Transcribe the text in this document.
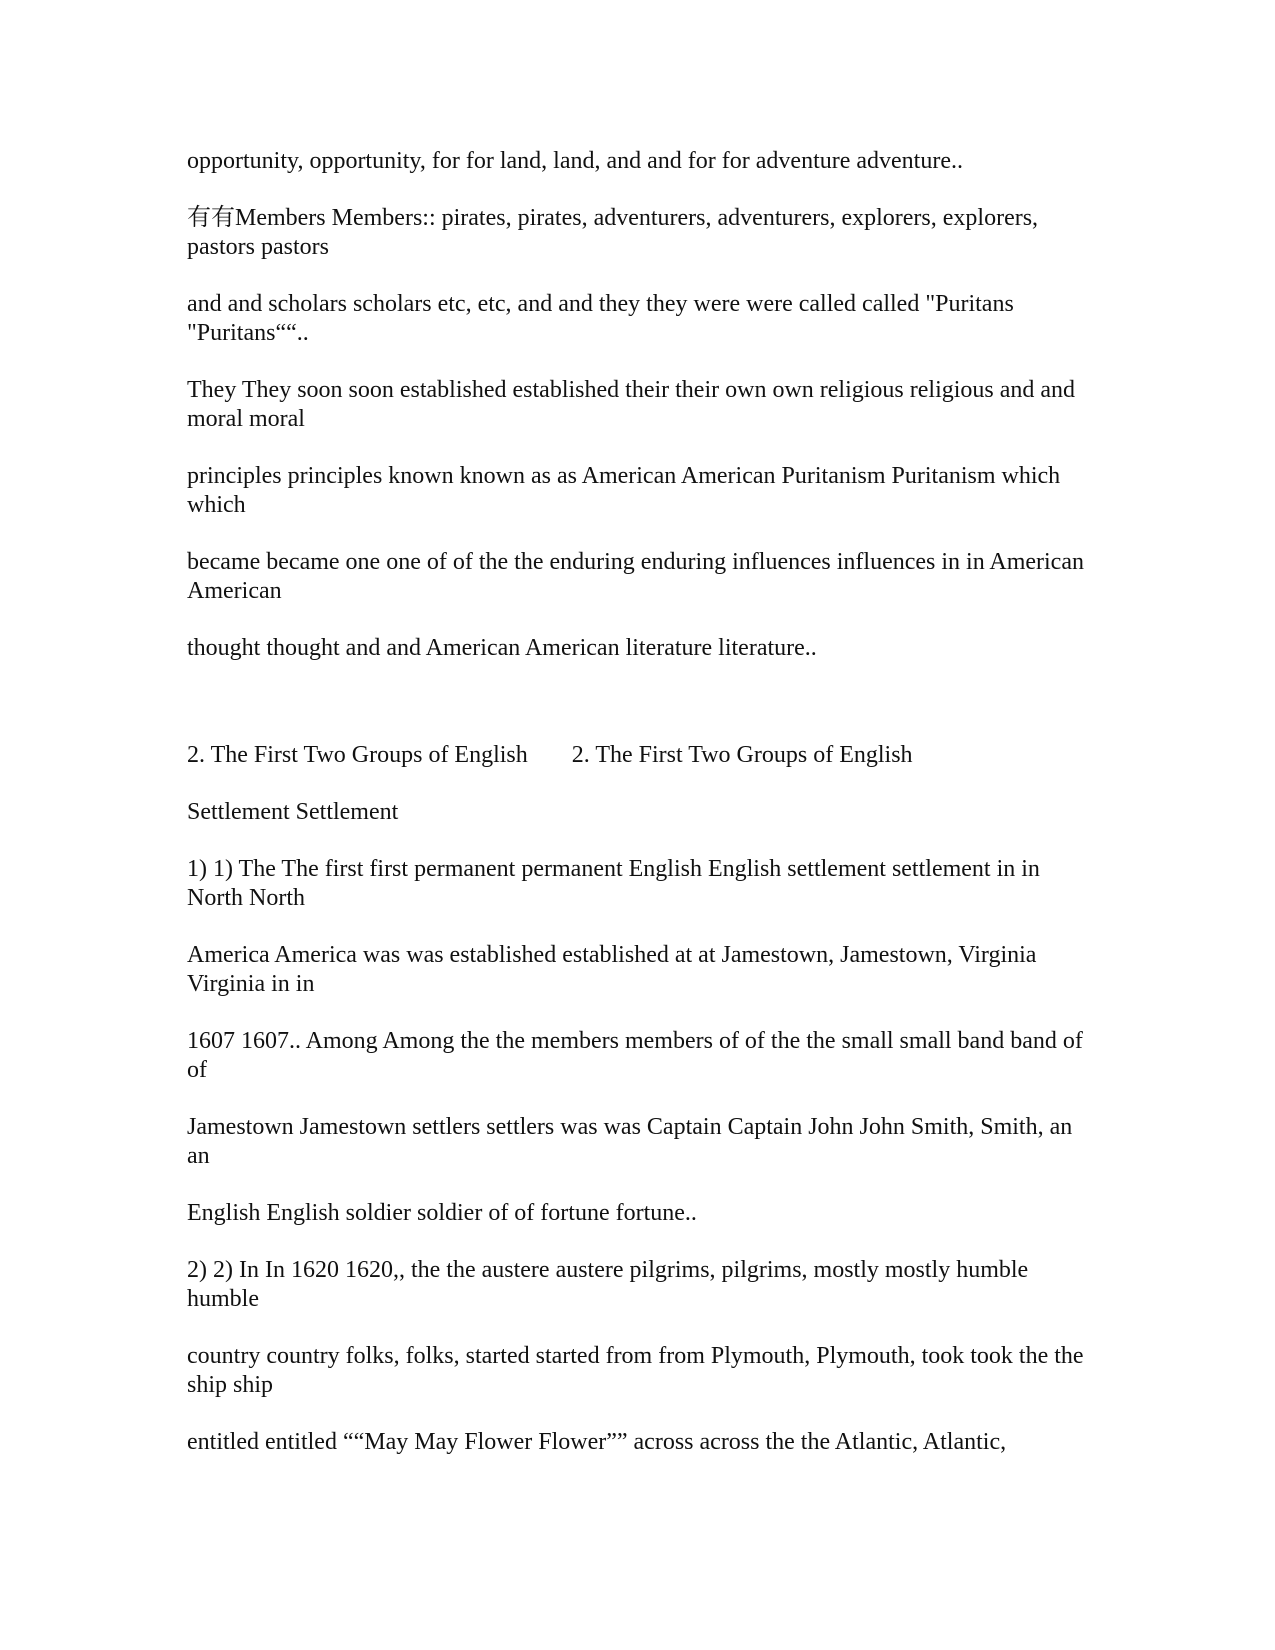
opportunity, opportunity, for for land, land, and and for for adventure adventure..

有有Members Members:: pirates, pirates, adventurers, adventurers, explorers, explorers, pastors pastors

and and scholars scholars etc, etc, and and they they were were called called "Puritans "Puritans““..

They They soon soon established established their their own own religious religious and and moral moral

principles principles known known as as American American Puritanism Puritanism which which

became became one one of of the the enduring enduring influences influences in in American American

thought thought and and American American literature literature..

2. The First Two Groups of English 2. The First Two Groups of English

Settlement Settlement

1) 1) The The first first permanent permanent English English settlement settlement in in North North

America America was was established established at at Jamestown, Jamestown, Virginia Virginia in in

1607 1607.. Among Among the the members members of of the the small small band band of of

Jamestown Jamestown settlers settlers was was Captain Captain John John Smith, Smith, an an

English English soldier soldier of of fortune fortune..

2) 2) In In 1620 1620,, the the austere austere pilgrims, pilgrims, mostly mostly humble humble

country country folks, folks, started started from from Plymouth, Plymouth, took took the the ship ship

entitled entitled ““May May Flower Flower”” across across the the Atlantic, Atlantic,
